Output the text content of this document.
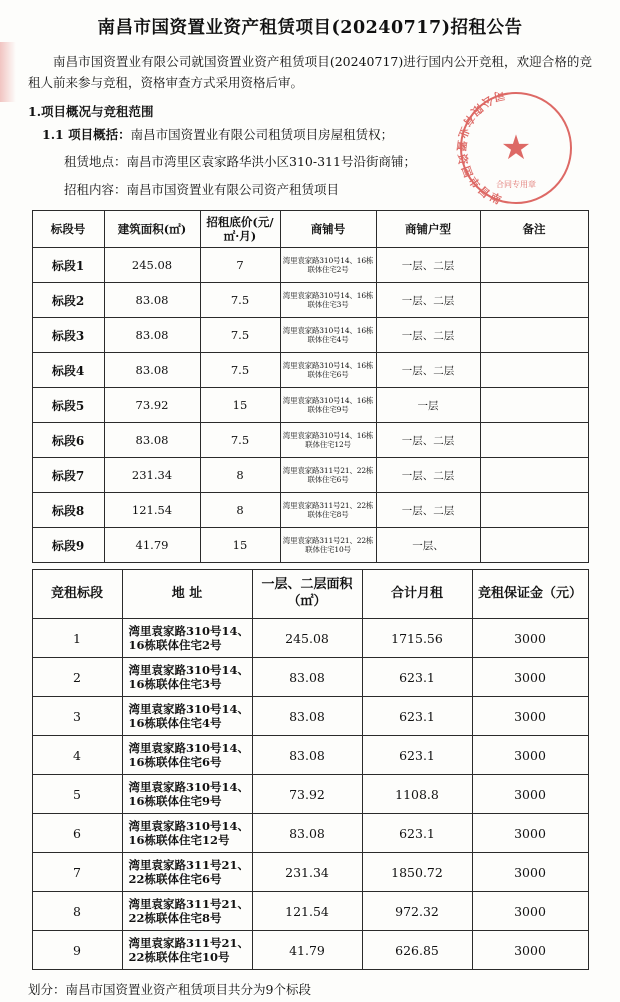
南昌市国资置业资产租赁项目(20240717)招租公告
南昌市国资置业有限公司就国资置业资产租赁项目(20240717)进行国内公开竞租，欢迎合格的竞租人前来参与竞租，资格审查方式采用资格后审。
1.项目概况与竞租范围
1.1 项目概括：南昌市国资置业有限公司租赁项目房屋租赁权；
租赁地点：南昌市湾里区袁家路华洪小区310-311号沿街商铺；
招租内容：南昌市国资置业有限公司资产租赁项目
★
南
昌
市
国
资
置
业
有
限
公
司
合同专用章
标段号	建筑面积(㎡)	招租底价(元/㎡·月)	商铺号	商铺户型	备注
标段1	245.08	7	湾里袁家路310号14、16栋联体住宅2号	一层、二层	
标段2	83.08	7.5	湾里袁家路310号14、16栋联体住宅3号	一层、二层	
标段3	83.08	7.5	湾里袁家路310号14、16栋联体住宅4号	一层、二层	
标段4	83.08	7.5	湾里袁家路310号14、16栋联体住宅6号	一层、二层	
标段5	73.92	15	湾里袁家路310号14、16栋联体住宅9号	一层	
标段6	83.08	7.5	湾里袁家路310号14、16栋联体住宅12号	一层、二层	
标段7	231.34	8	湾里袁家路311号21、22栋联体住宅6号	一层、二层	
标段8	121.54	8	湾里袁家路311号21、22栋联体住宅8号	一层、二层	
标段9	41.79	15	湾里袁家路311号21、22栋联体住宅10号	一层、	
竞租标段	地 址	一层、二层面积（㎡）	合计月租	竞租保证金（元）
1	湾里袁家路310号14、16栋联体住宅2号	245.08	1715.56	3000
2	湾里袁家路310号14、16栋联体住宅3号	83.08	623.1	3000
3	湾里袁家路310号14、16栋联体住宅4号	83.08	623.1	3000
4	湾里袁家路310号14、16栋联体住宅6号	83.08	623.1	3000
5	湾里袁家路310号14、16栋联体住宅9号	73.92	1108.8	3000
6	湾里袁家路310号14、16栋联体住宅12号	83.08	623.1	3000
7	湾里袁家路311号21、22栋联体住宅6号	231.34	1850.72	3000
8	湾里袁家路311号21、22栋联体住宅8号	121.54	972.32	3000
9	湾里袁家路311号21、22栋联体住宅10号	41.79	626.85	3000
划分：南昌市国资置业资产租赁项目共分为9个标段
